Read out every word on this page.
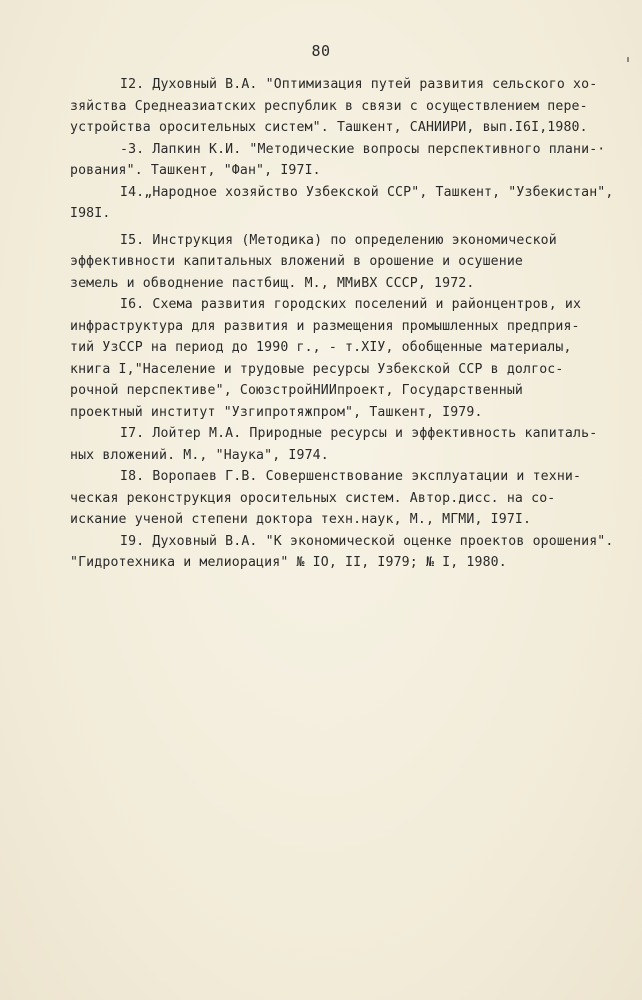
80
I2. Духовный В.А. "Оптимизация путей развития сельского хо-
зяйства Среднеазиатских республик в связи с осуществлением пере-
устройства оросительных систем". Ташкент, САНИИРИ, вып.I6I,1980.
-3. Лапкин К.И. "Методические вопросы перспективного плани-·
рования". Ташкент, "Фан", I97I.
I4.„Народное хозяйство Узбекской ССР", Ташкент, "Узбекистан",
I98I.
I5. Инструкция (Методика) по определению экономической
эффективности капитальных вложений в орошение и осушение
земель и обводнение пастбищ. М., ММиВХ СССР, 1972.
I6. Схема развития городских поселений и районцентров, их
инфраструктура для развития и размещения промышленных предприя-
тий УзССР на период до 1990 г., - т.XIУ, обобщенные материалы,
книга I,"Население и трудовые ресурсы Узбекской ССР в долгос-
рочной перспективе", СоюзстройНИИпроект, Государственный
проектный институт "Узгипротяжпром", Ташкент, I979.
I7. Лойтер М.А. Природные ресурсы и эффективность капиталь-
ных вложений. М., "Наука", I974.
I8. Воропаев Г.В. Совершенствование эксплуатации и техни-
ческая реконструкция оросительных систем. Автор.дисс. на со-
искание ученой степени доктора техн.наук, М., МГМИ, I97I.
I9. Духовный В.А. "К экономической оценке проектов орошения".
"Гидротехника и мелиорация" № IO, II, I979; № I, 1980.
